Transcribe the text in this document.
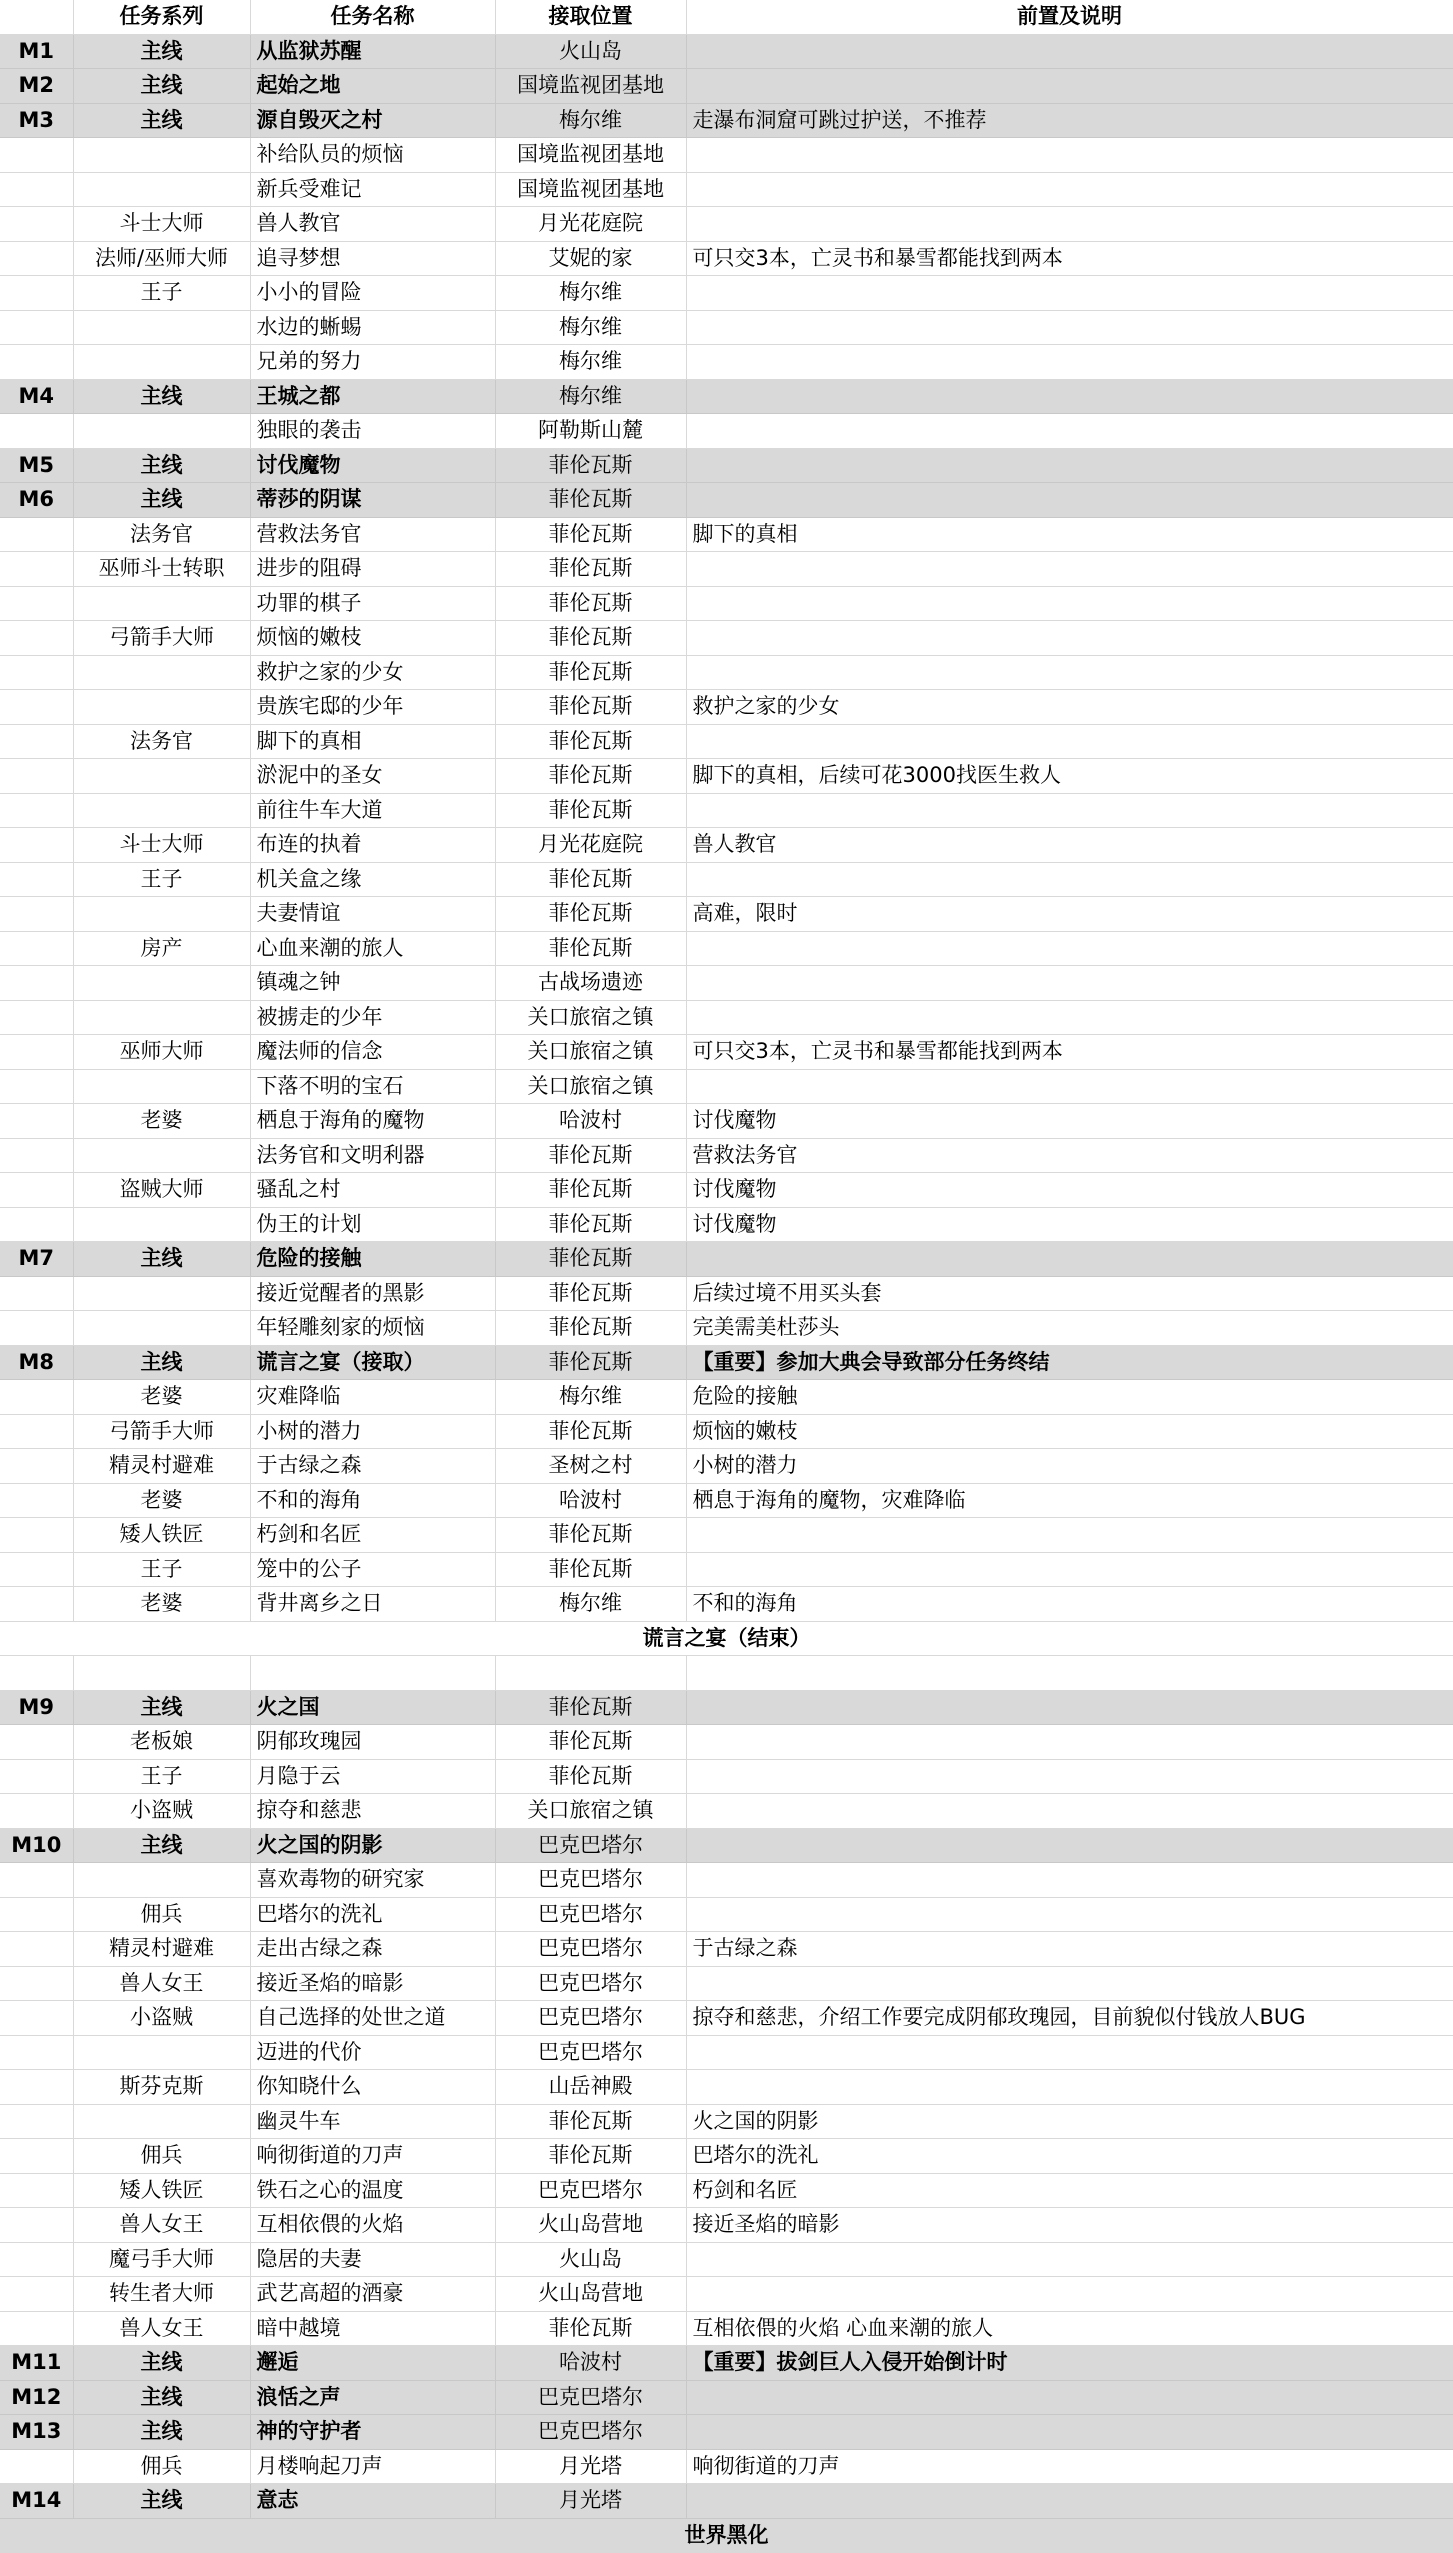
	任务系列	任务名称	接取位置	前置及说明
M1	主线	从监狱苏醒	火山岛	
M2	主线	起始之地	国境监视团基地	
M3	主线	源自毁灭之村	梅尔维	走瀑布洞窟可跳过护送，不推荐
		补给队员的烦恼	国境监视团基地	
		新兵受难记	国境监视团基地	
	斗士大师	兽人教官	月光花庭院	
	法师/巫师大师	追寻梦想	艾妮的家	可只交3本，亡灵书和暴雪都能找到两本
	王子	小小的冒险	梅尔维	
		水边的蜥蜴	梅尔维	
		兄弟的努力	梅尔维	
M4	主线	王城之都	梅尔维	
		独眼的袭击	阿勒斯山麓	
M5	主线	讨伐魔物	菲伦瓦斯	
M6	主线	蒂莎的阴谋	菲伦瓦斯	
	法务官	营救法务官	菲伦瓦斯	脚下的真相
	巫师斗士转职	进步的阻碍	菲伦瓦斯	
		功罪的棋子	菲伦瓦斯	
	弓箭手大师	烦恼的嫩枝	菲伦瓦斯	
		救护之家的少女	菲伦瓦斯	
		贵族宅邸的少年	菲伦瓦斯	救护之家的少女
	法务官	脚下的真相	菲伦瓦斯	
		淤泥中的圣女	菲伦瓦斯	脚下的真相，后续可花3000找医生救人
		前往牛车大道	菲伦瓦斯	
	斗士大师	布连的执着	月光花庭院	兽人教官
	王子	机关盒之缘	菲伦瓦斯	
		夫妻情谊	菲伦瓦斯	高难，限时
	房产	心血来潮的旅人	菲伦瓦斯	
		镇魂之钟	古战场遗迹	
		被掳走的少年	关口旅宿之镇	
	巫师大师	魔法师的信念	关口旅宿之镇	可只交3本，亡灵书和暴雪都能找到两本
		下落不明的宝石	关口旅宿之镇	
	老婆	栖息于海角的魔物	哈波村	讨伐魔物
		法务官和文明利器	菲伦瓦斯	营救法务官
	盗贼大师	骚乱之村	菲伦瓦斯	讨伐魔物
		伪王的计划	菲伦瓦斯	讨伐魔物
M7	主线	危险的接触	菲伦瓦斯	
		接近觉醒者的黑影	菲伦瓦斯	后续过境不用买头套
		年轻雕刻家的烦恼	菲伦瓦斯	完美需美杜莎头
M8	主线	谎言之宴（接取）	菲伦瓦斯	【重要】参加大典会导致部分任务终结
	老婆	灾难降临	梅尔维	危险的接触
	弓箭手大师	小树的潜力	菲伦瓦斯	烦恼的嫩枝
	精灵村避难	于古绿之森	圣树之村	小树的潜力
	老婆	不和的海角	哈波村	栖息于海角的魔物，灾难降临
	矮人铁匠	朽剑和名匠	菲伦瓦斯	
	王子	笼中的公子	菲伦瓦斯	
	老婆	背井离乡之日	梅尔维	不和的海角
谎言之宴（结束）				

M9	主线	火之国	菲伦瓦斯	
	老板娘	阴郁玫瑰园	菲伦瓦斯	
	王子	月隐于云	菲伦瓦斯	
	小盗贼	掠夺和慈悲	关口旅宿之镇	
M10	主线	火之国的阴影	巴克巴塔尔	
		喜欢毒物的研究家	巴克巴塔尔	
	佣兵	巴塔尔的洗礼	巴克巴塔尔	
	精灵村避难	走出古绿之森	巴克巴塔尔	于古绿之森
	兽人女王	接近圣焰的暗影	巴克巴塔尔	
	小盗贼	自己选择的处世之道	巴克巴塔尔	掠夺和慈悲，介绍工作要完成阴郁玫瑰园，目前貌似付钱放人BUG
		迈进的代价	巴克巴塔尔	
	斯芬克斯	你知晓什么	山岳神殿	
		幽灵牛车	菲伦瓦斯	火之国的阴影
	佣兵	响彻街道的刀声	菲伦瓦斯	巴塔尔的洗礼
	矮人铁匠	铁石之心的温度	巴克巴塔尔	朽剑和名匠
	兽人女王	互相依偎的火焰	火山岛营地	接近圣焰的暗影
	魔弓手大师	隐居的夫妻	火山岛	
	转生者大师	武艺高超的酒豪	火山岛营地	
	兽人女王	暗中越境	菲伦瓦斯	互相依偎的火焰 心血来潮的旅人
M11	主线	邂逅	哈波村	【重要】拔剑巨人入侵开始倒计时
M12	主线	浪恬之声	巴克巴塔尔	
M13	主线	神的守护者	巴克巴塔尔	
	佣兵	月楼响起刀声	月光塔	响彻街道的刀声
M14	主线	意志	月光塔	
世界黑化				
